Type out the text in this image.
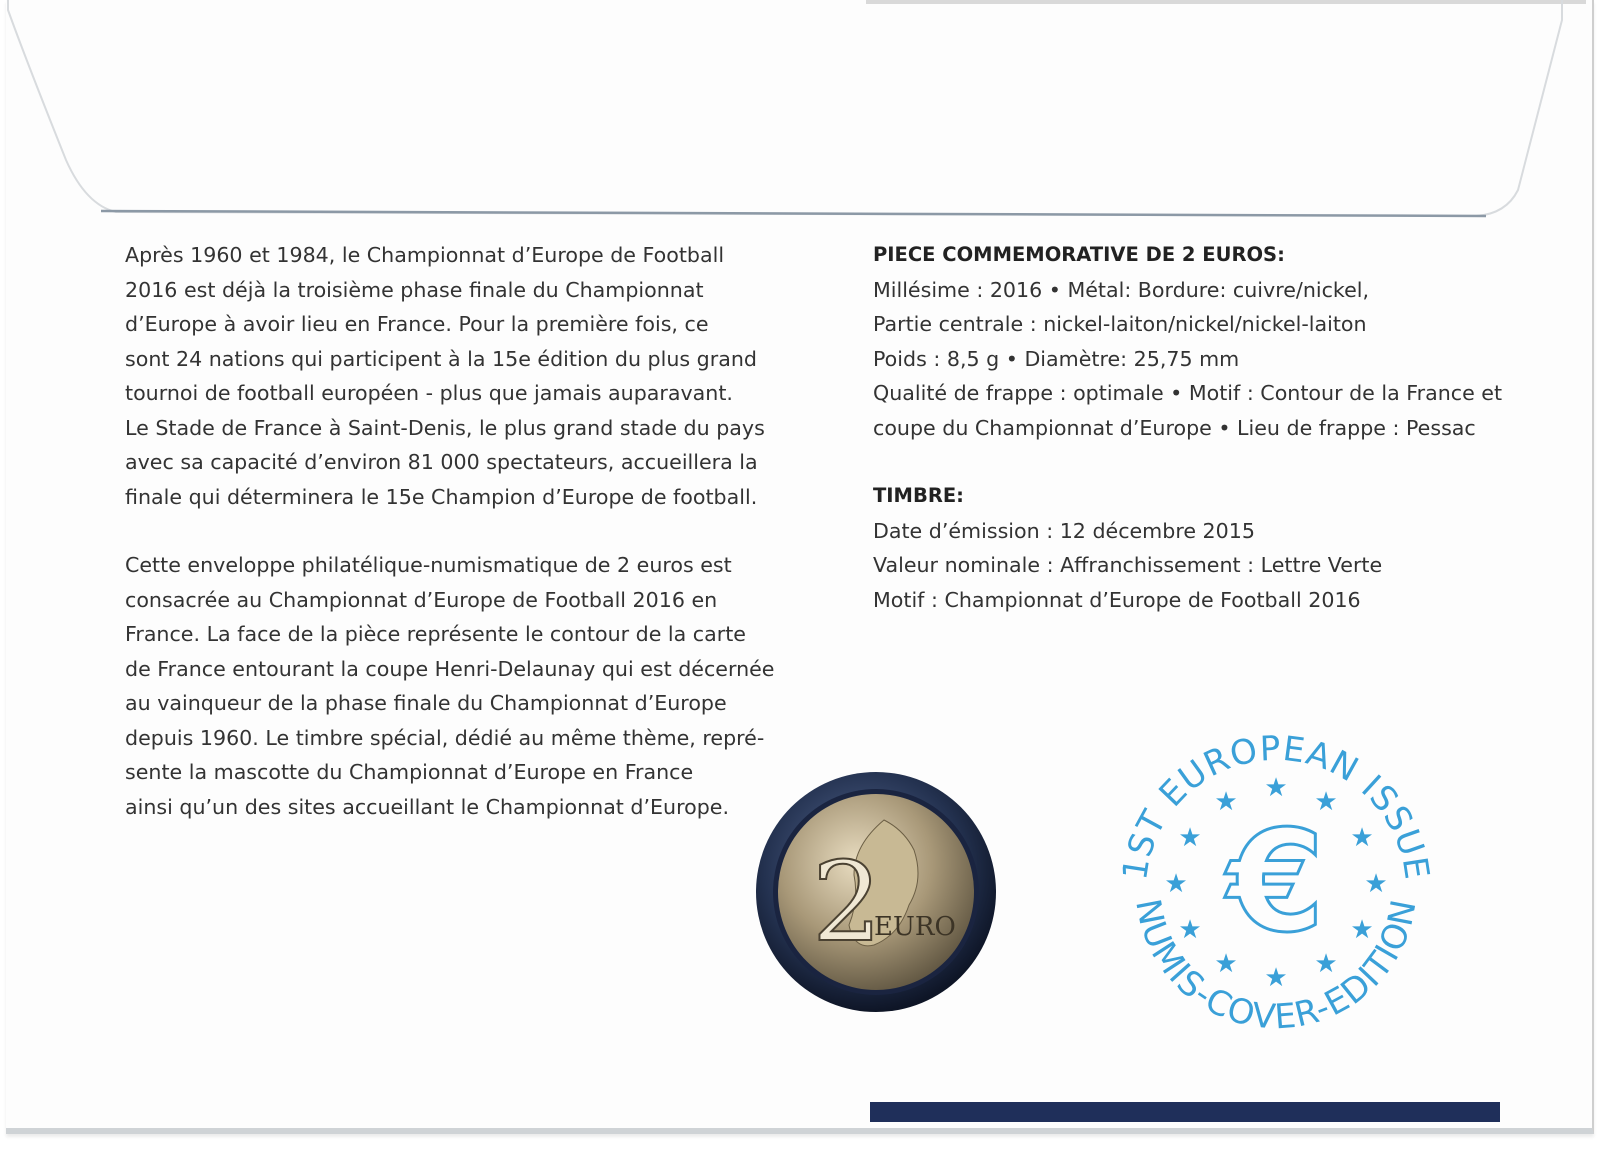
Après 1960 et 1984, le Championnat d’Europe de Football
2016 est déjà la troisième phase finale du Championnat
d’Europe à avoir lieu en France. Pour la première fois, ce
sont 24 nations qui participent à la 15e édition du plus grand
tournoi de football européen - plus que jamais auparavant.
Le Stade de France à Saint-Denis, le plus grand stade du pays
avec sa capacité d’environ 81 000 spectateurs, accueillera la
finale qui déterminera le 15e Champion d’Europe de football.

Cette enveloppe philatélique-numismatique de 2 euros est
consacrée au Championnat d’Europe de Football 2016 en
France. La face de la pièce représente le contour de la carte
de France entourant la coupe Henri-Delaunay qui est décernée
au vainqueur de la phase finale du Championnat d’Europe
depuis 1960. Le timbre spécial, dédié au même thème, repré-
sente la mascotte du Championnat d’Europe en France
ainsi qu’un des sites accueillant le Championnat d’Europe.

PIECE COMMEMORATIVE DE 2 EUROS:
Millésime : 2016 • Métal: Bordure: cuivre/nickel,
Partie centrale : nickel-laiton/nickel/nickel-laiton
Poids : 8,5 g • Diamètre: 25,75 mm
Qualité de frappe : optimale • Motif : Contour de la France et
coupe du Championnat d’Europe • Lieu de frappe : Pessac
TIMBRE:
Date d’émission : 12 décembre 2015
Valeur nominale : Affranchissement : Lettre Verte
Motif : Championnat d’Europe de Football 2016
2
EURO
1ST EUROPEAN ISSUE
NUMIS-COVER-EDITION
★
★	★
★	★
★	★
★	★
★	★
★
€
